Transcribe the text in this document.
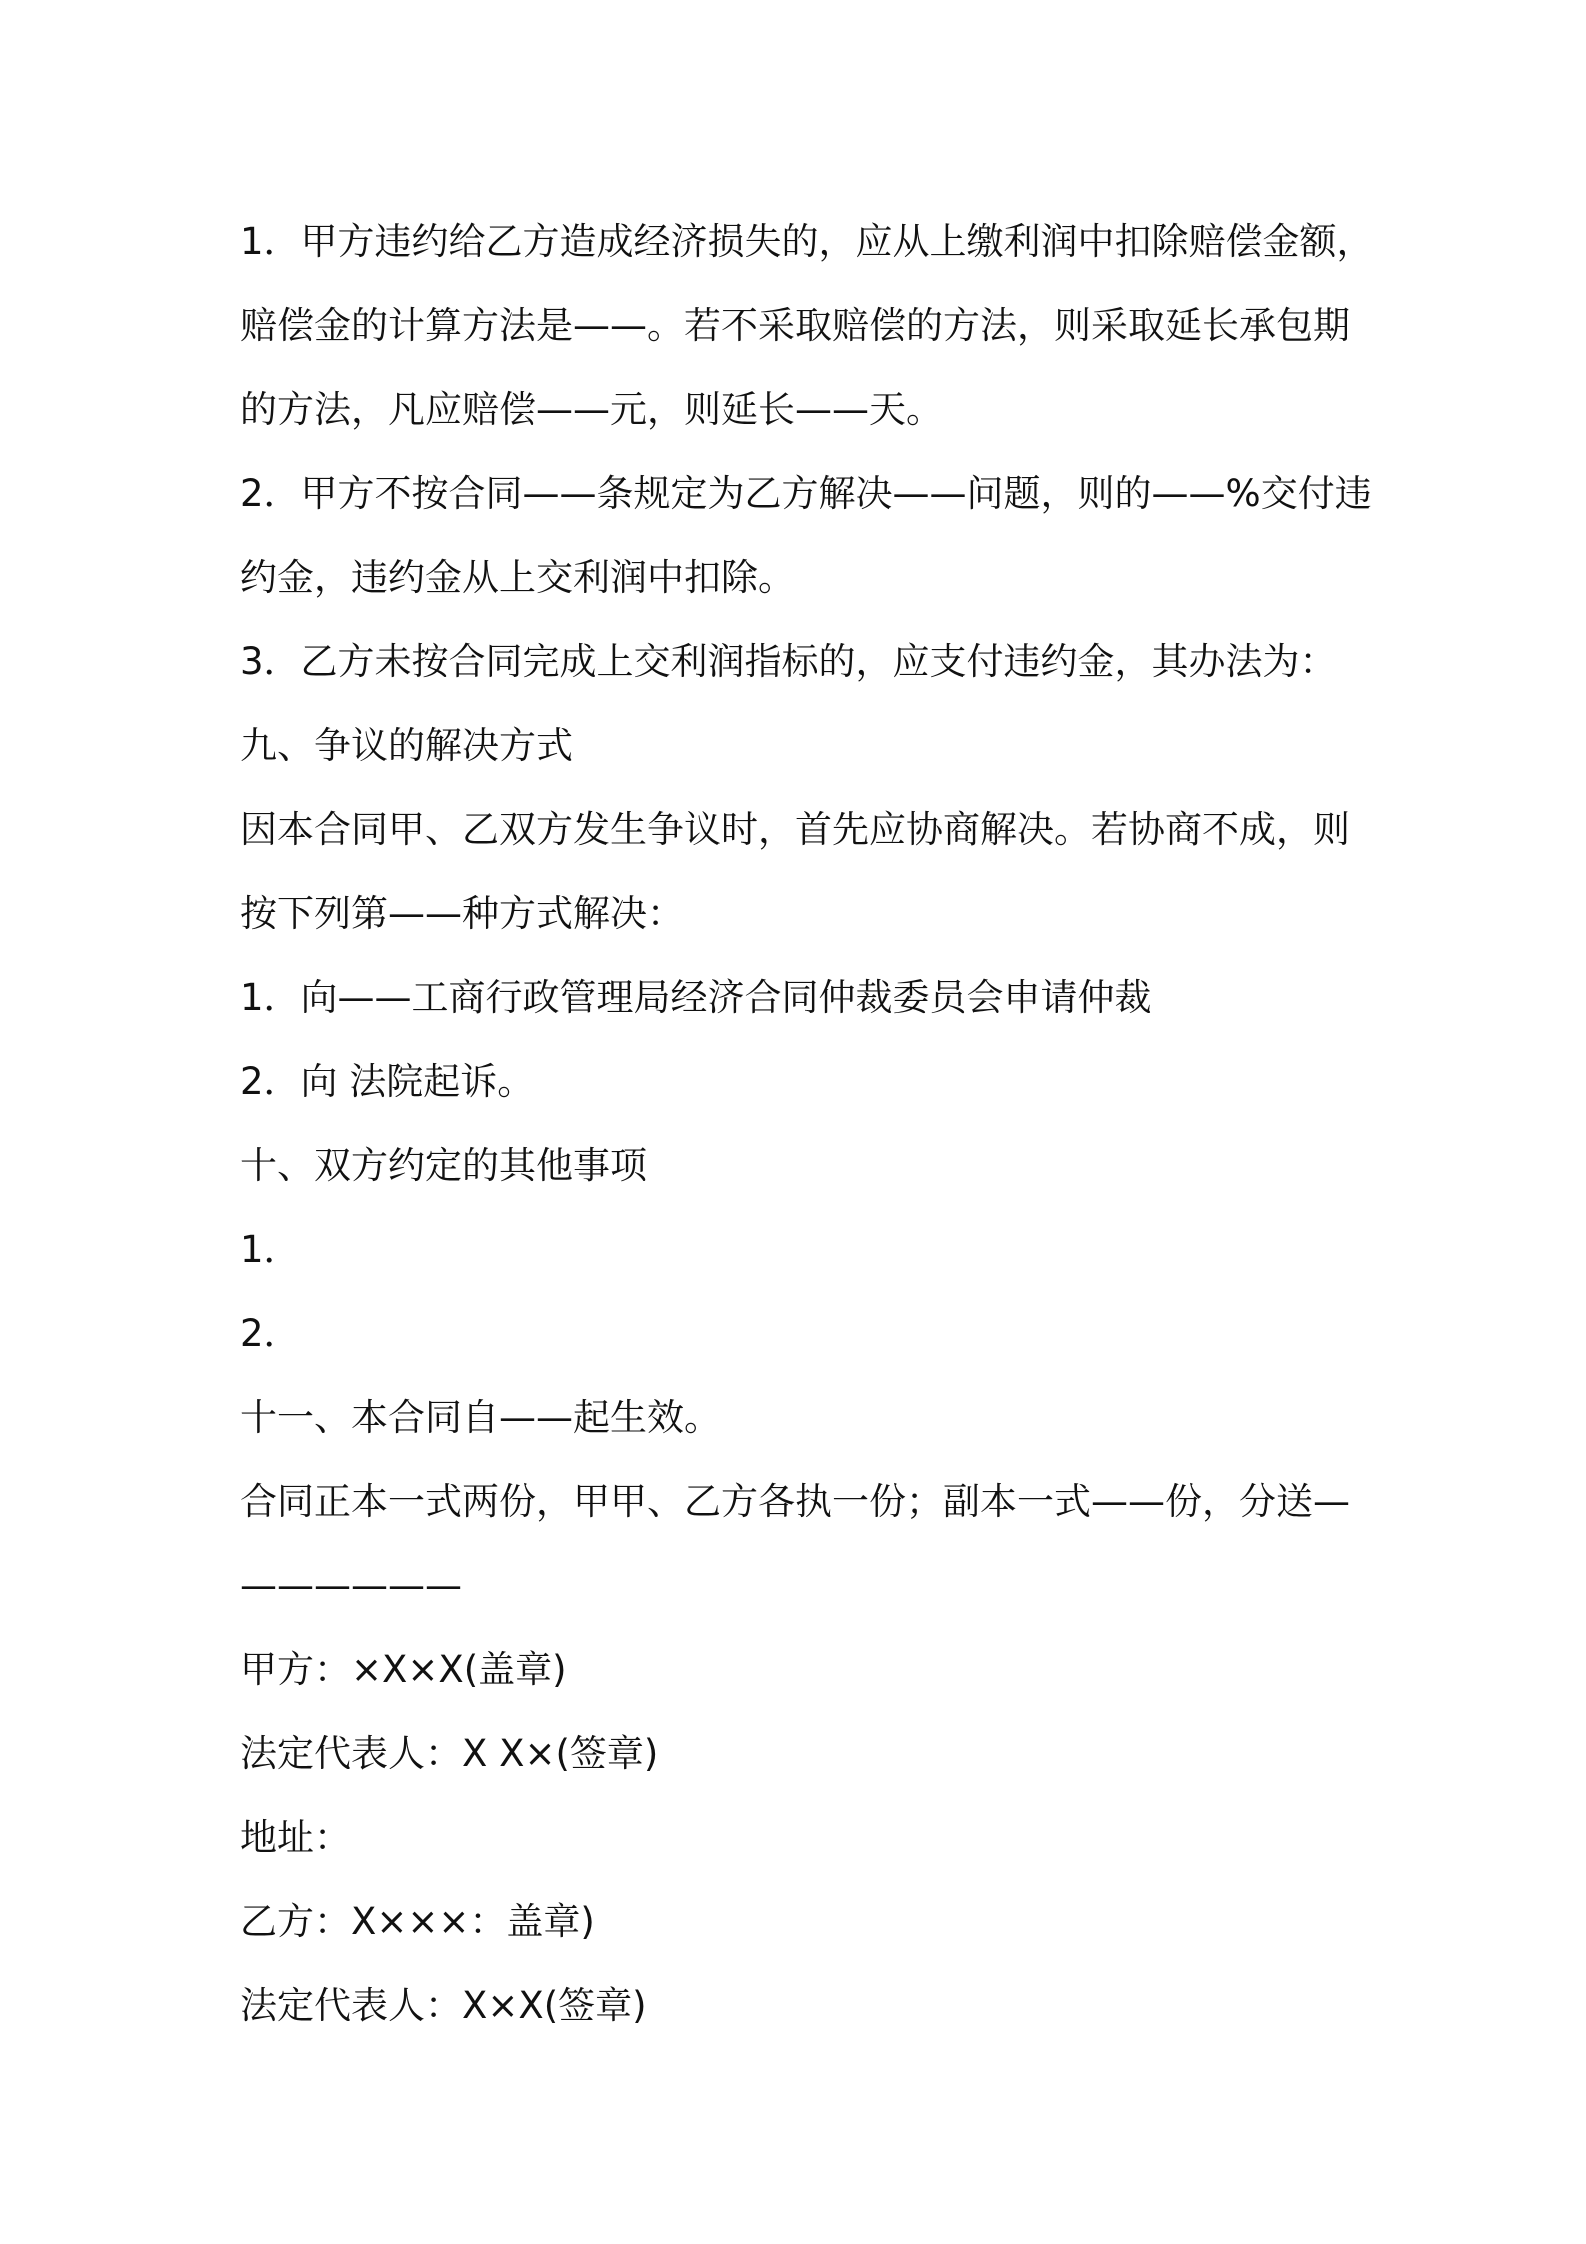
1．甲方违约给乙方造成经济损失的，应从上缴利润中扣除赔偿金额，
赔偿金的计算方法是——。若不采取赔偿的方法，则采取延长承包期
的方法，凡应赔偿——元，则延长——天。
2．甲方不按合同——条规定为乙方解决——问题，则的——%交付违
约金，违约金从上交利润中扣除。
3．乙方未按合同完成上交利润指标的，应支付违约金，其办法为：
九、争议的解决方式
因本合同甲、乙双方发生争议时，首先应协商解决。若协商不成，则
按下列第——种方式解决：
1．向——工商行政管理局经济合同仲裁委员会申请仲裁
2．向 法院起诉。
十、双方约定的其他事项
1．
2．
十一、本合同自——起生效。
合同正本一式两份，甲甲、乙方各执一份；副本一式——份，分送—
——————
甲方：×X×X(盖章)
法定代表人：X X×(签章)
地址：
乙方：X×××：盖章)
法定代表人：X×X(签章)
